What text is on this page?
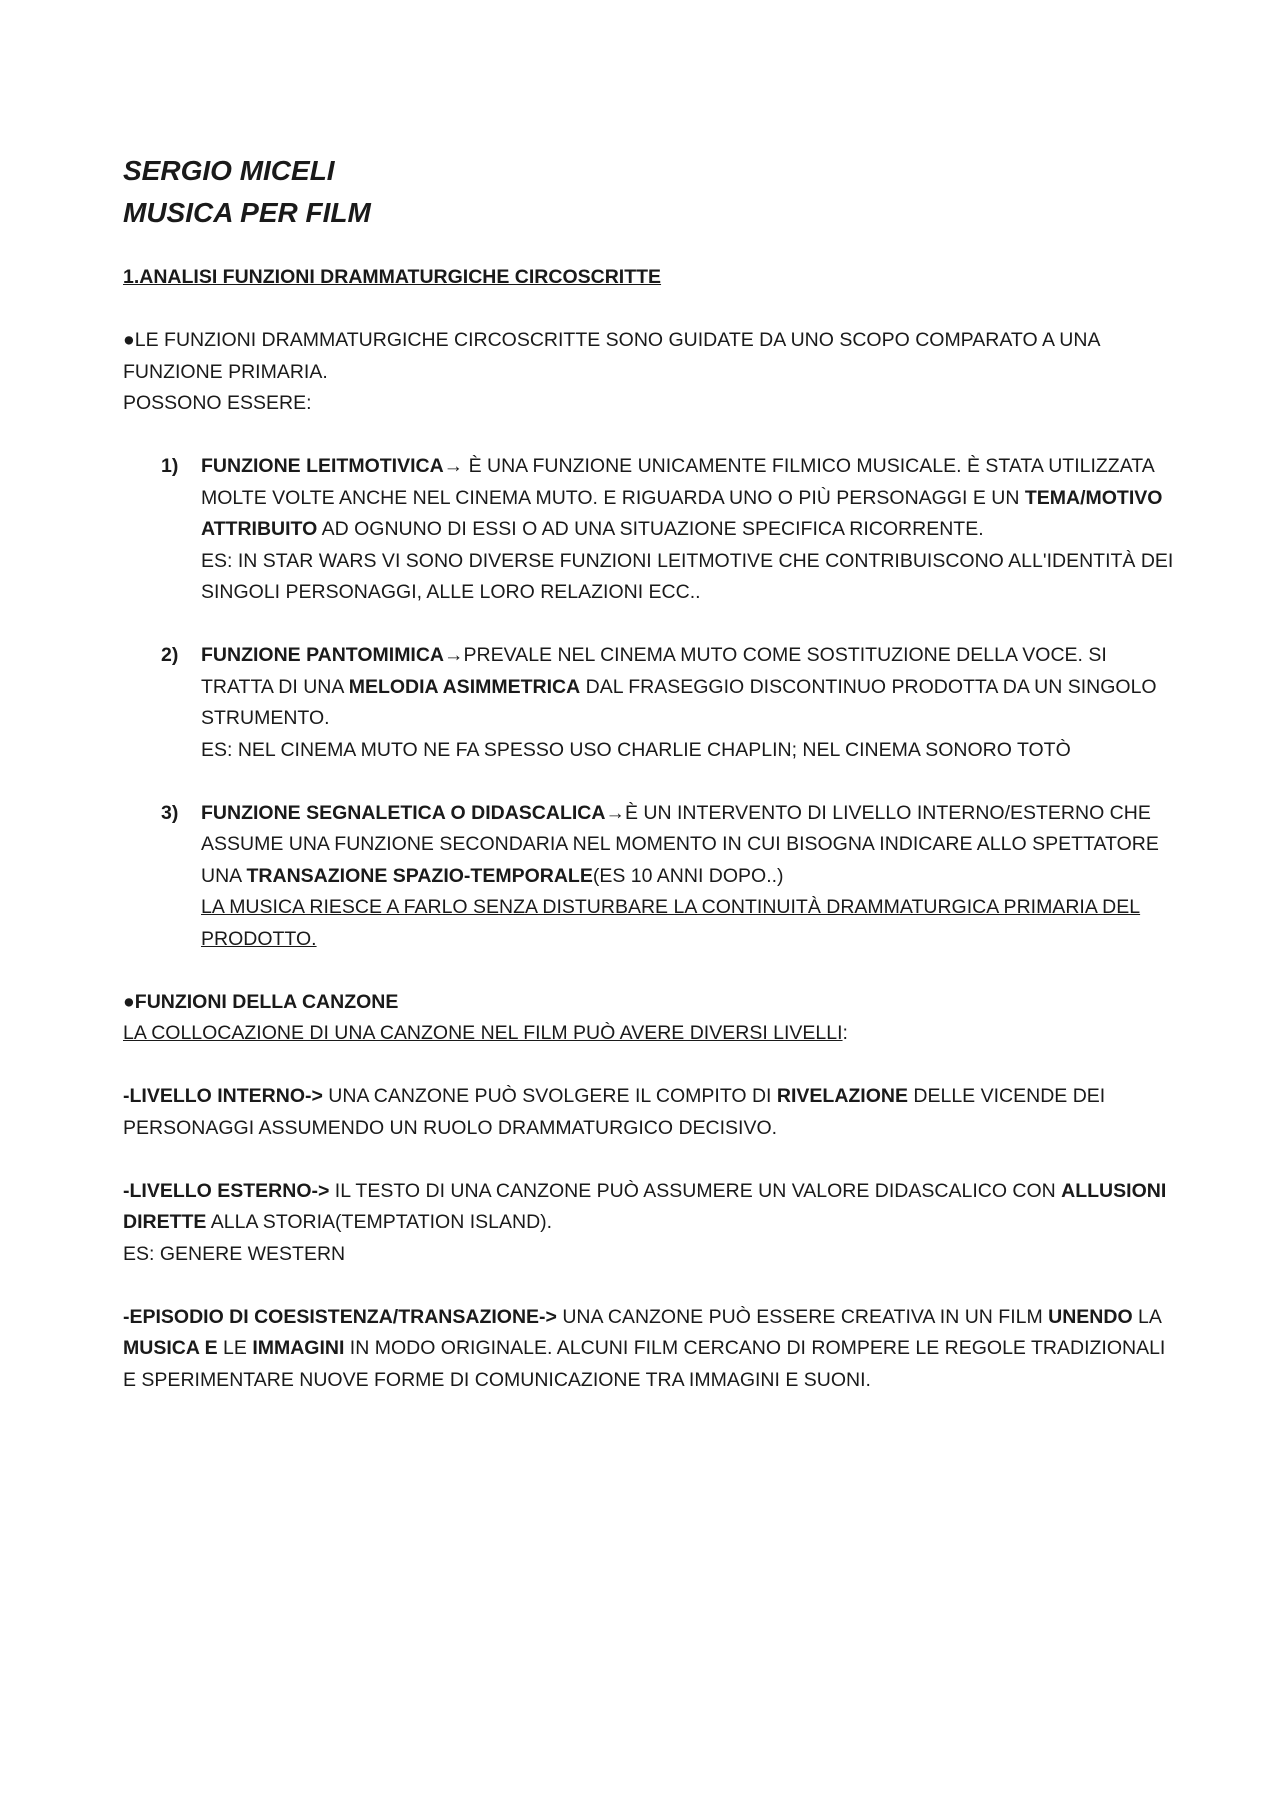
SERGIO MICELI
MUSICA PER FILM

1.ANALISI FUNZIONI DRAMMATURGICHE CIRCOSCRITTE

●LE FUNZIONI DRAMMATURGICHE CIRCOSCRITTE SONO GUIDATE DA UNO SCOPO COMPARATO A UNA FUNZIONE PRIMARIA.

POSSONO ESSERE:

1) FUNZIONE LEITMOTIVICA→ È UNA FUNZIONE UNICAMENTE FILMICO MUSICALE. È STATA UTILIZZATA MOLTE VOLTE ANCHE NEL CINEMA MUTO. E RIGUARDA UNO O PIÙ PERSONAGGI E UN TEMA/MOTIVO ATTRIBUITO AD OGNUNO DI ESSI O AD UNA SITUAZIONE SPECIFICA RICORRENTE.

ES: IN STAR WARS VI SONO DIVERSE FUNZIONI LEITMOTIVE CHE CONTRIBUISCONO ALL'IDENTITÀ DEI SINGOLI PERSONAGGI, ALLE LORO RELAZIONI ECC..

2) FUNZIONE PANTOMIMICA→PREVALE NEL CINEMA MUTO COME SOSTITUZIONE DELLA VOCE. SI TRATTA DI UNA MELODIA ASIMMETRICA DAL FRASEGGIO DISCONTINUO PRODOTTA DA UN SINGOLO STRUMENTO.

ES: NEL CINEMA MUTO NE FA SPESSO USO CHARLIE CHAPLIN; NEL CINEMA SONORO TOTÒ

3) FUNZIONE SEGNALETICA O DIDASCALICA→È UN INTERVENTO DI LIVELLO INTERNO/ESTERNO CHE ASSUME UNA FUNZIONE SECONDARIA NEL MOMENTO IN CUI BISOGNA INDICARE ALLO SPETTATORE UNA TRANSAZIONE SPAZIO-TEMPORALE(ES 10 ANNI DOPO..)

LA MUSICA RIESCE A FARLO SENZA DISTURBARE LA CONTINUITÀ DRAMMATURGICA PRIMARIA DEL PRODOTTO.

●FUNZIONI DELLA CANZONE

LA COLLOCAZIONE DI UNA CANZONE NEL FILM PUÒ AVERE DIVERSI LIVELLI:

-LIVELLO INTERNO-> UNA CANZONE PUÒ SVOLGERE IL COMPITO DI RIVELAZIONE DELLE VICENDE DEI PERSONAGGI ASSUMENDO UN RUOLO DRAMMATURGICO DECISIVO.

-LIVELLO ESTERNO-> IL TESTO DI UNA CANZONE PUÒ ASSUMERE UN VALORE DIDASCALICO CON ALLUSIONI DIRETTE ALLA STORIA(TEMPTATION ISLAND).

ES: GENERE WESTERN

-EPISODIO DI COESISTENZA/TRANSAZIONE-> UNA CANZONE PUÒ ESSERE CREATIVA IN UN FILM UNENDO LA MUSICA E LE IMMAGINI IN MODO ORIGINALE. ALCUNI FILM CERCANO DI ROMPERE LE REGOLE TRADIZIONALI E SPERIMENTARE NUOVE FORME DI COMUNICAZIONE TRA IMMAGINI E SUONI.
